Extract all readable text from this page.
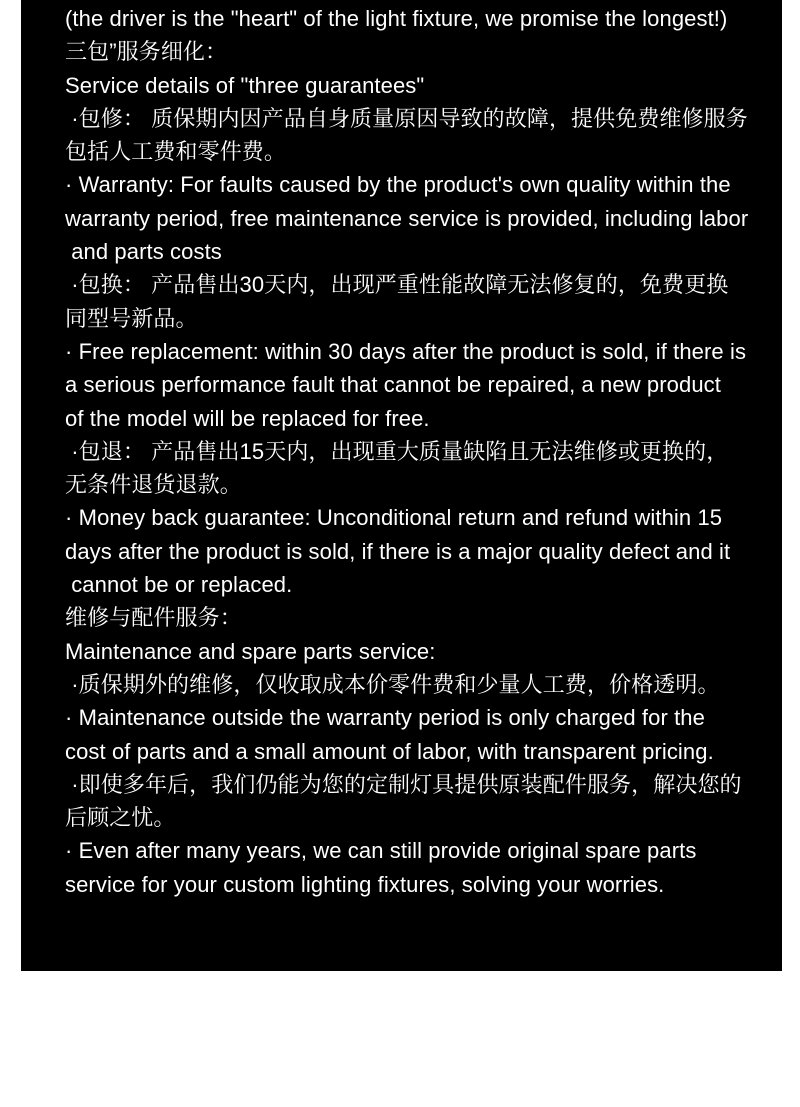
(the driver is the "heart" of the light fixture, we promise the longest!)
三包”服务细化：
Service details of "three guarantees"
·包修： 质保期内因产品自身质量原因导致的故障，提供免费维修服务
包括人工费和零件费。
· Warranty: For faults caused by the product's own quality within the
warranty period, free maintenance service is provided, including labor
and parts costs
·包换： 产品售出30天内，出现严重性能故障无法修复的，免费更换
同型号新品。
· Free replacement: within 30 days after the product is sold, if there is
a serious performance fault that cannot be repaired, a new product
of the model will be replaced for free.
·包退： 产品售出15天内，出现重大质量缺陷且无法维修或更换的，
无条件退货退款。
· Money back guarantee: Unconditional return and refund within 15
days after the product is sold, if there is a major quality defect and it
cannot be or replaced.
维修与配件服务：
Maintenance and spare parts service:
·质保期外的维修，仅收取成本价零件费和少量人工费，价格透明。
· Maintenance outside the warranty period is only charged for the
cost of parts and a small amount of labor, with transparent pricing.
·即使多年后，我们仍能为您的定制灯具提供原装配件服务，解决您的
后顾之忧。
· Even after many years, we can still provide original spare parts
service for your custom lighting fixtures, solving your worries.
